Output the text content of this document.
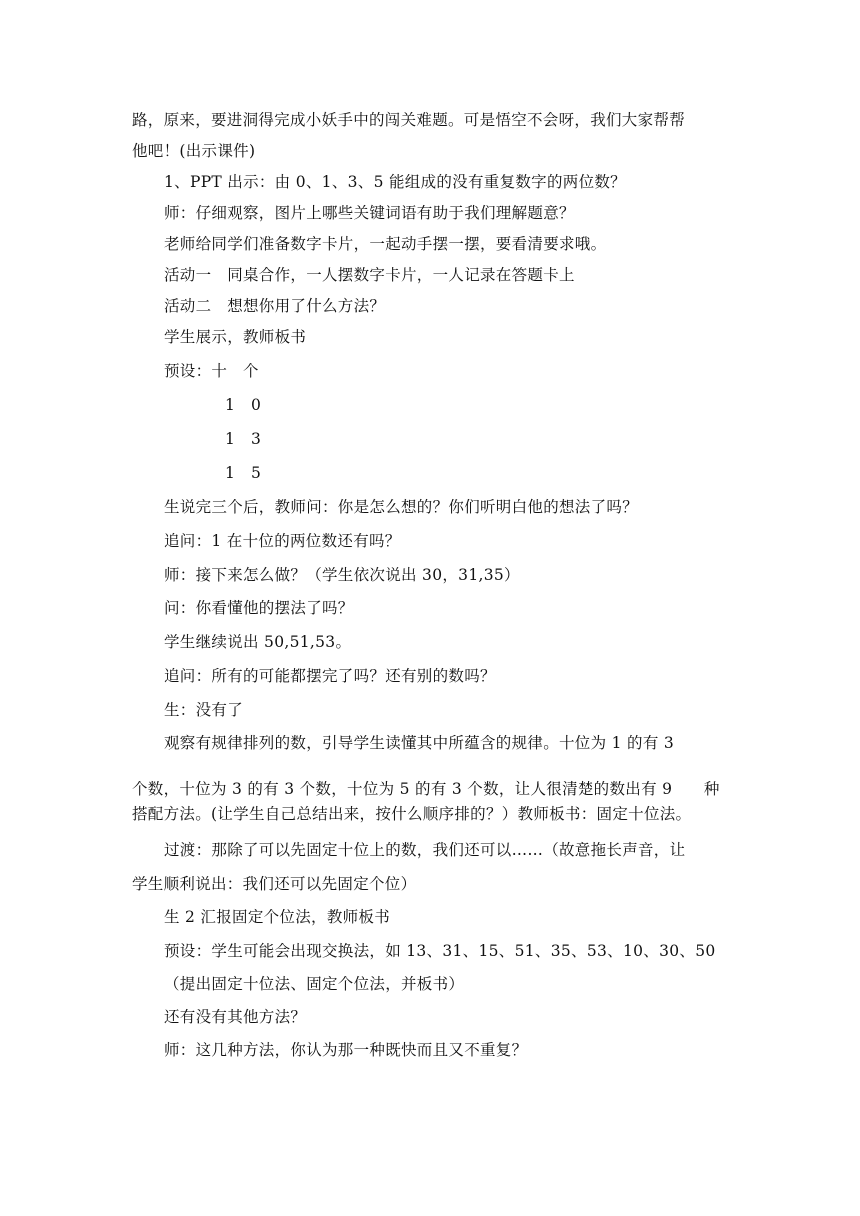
路，原来，要进洞得完成小妖手中的闯关难题。可是悟空不会呀，我们大家帮帮

他吧！(出示课件)

1、PPT 出示：由 0、1、3、5 能组成的没有重复数字的两位数？

师：仔细观察，图片上哪些关键词语有助于我们理解题意？

老师给同学们准备数字卡片，一起动手摆一摆，要看清要求哦。

活动一　同桌合作，一人摆数字卡片，一人记录在答题卡上

活动二　想想你用了什么方法？

学生展示，教师板书

预设：十　个

1　0

1　3

1　5

生说完三个后，教师问：你是怎么想的？你们听明白他的想法了吗？

追问：1 在十位的两位数还有吗？

师：接下来怎么做？（学生依次说出 30，31,35）

问：你看懂他的摆法了吗？

学生继续说出 50,51,53。

追问：所有的可能都摆完了吗？还有别的数吗？

生：没有了

观察有规律排列的数，引导学生读懂其中所蕴含的规律。十位为 1 的有 3

个数，十位为 3 的有 3 个数，十位为 5 的有 3 个数，让人很清楚的数出有 9　　种

搭配方法。(让学生自己总结出来，按什么顺序排的？）教师板书：固定十位法。

过渡：那除了可以先固定十位上的数，我们还可以……（故意拖长声音，让

学生顺利说出：我们还可以先固定个位）

生 2 汇报固定个位法，教师板书

预设：学生可能会出现交换法，如 13、31、15、51、35、53、10、30、50

（提出固定十位法、固定个位法，并板书）

还有没有其他方法？

师：这几种方法，你认为那一种既快而且又不重复？
